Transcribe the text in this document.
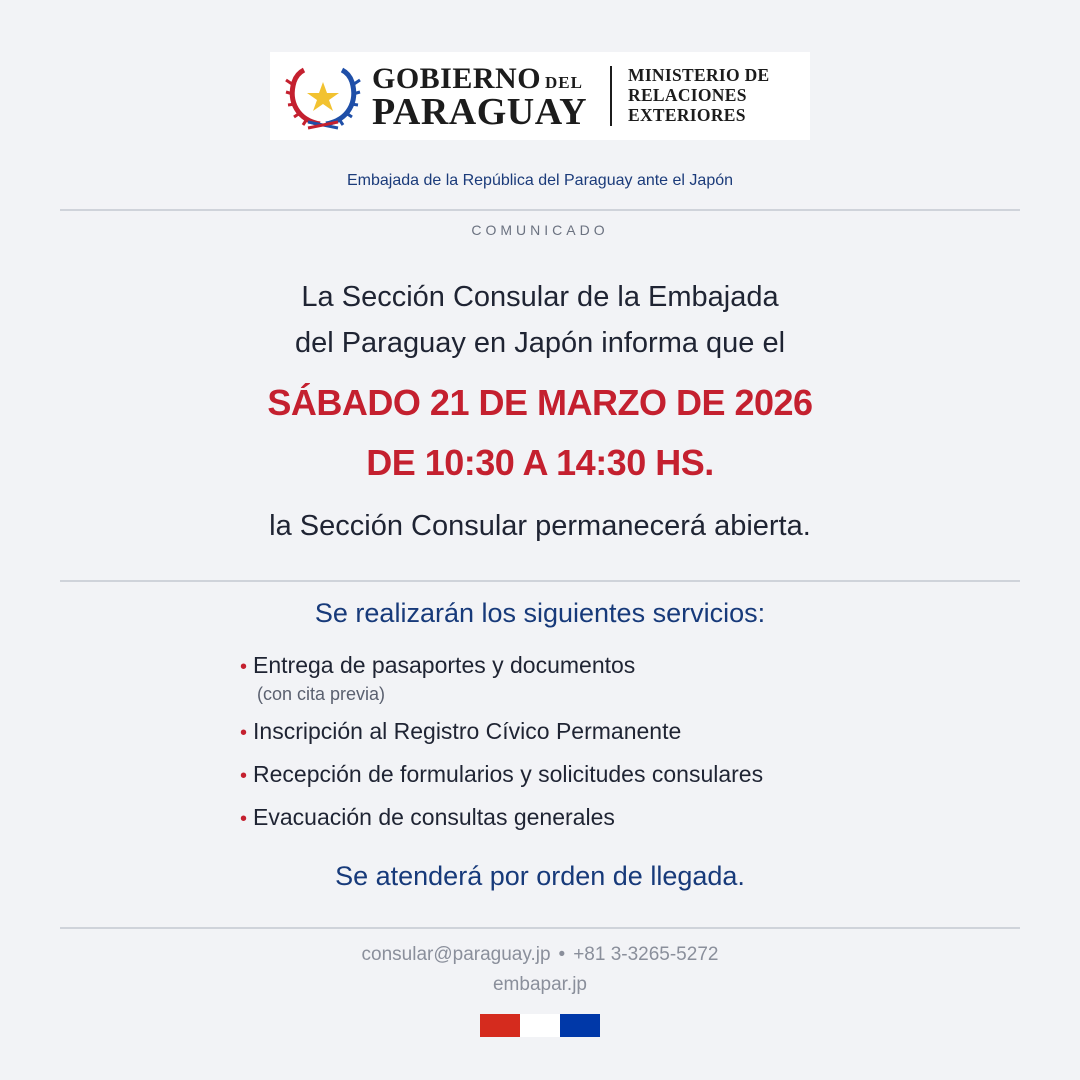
GOBIERNO DEL
PARAGUAY
MINISTERIO DE
RELACIONES
EXTERIORES
Embajada de la República del Paraguay ante el Japón
COMUNICADO
La Sección Consular de la Embajada
del Paraguay en Japón informa que el
SÁBADO 21 DE MARZO DE 2026
DE 10:30 A 14:30 HS.
la Sección Consular permanecerá abierta.
Se realizarán los siguientes servicios:
• Entrega de pasaportes y documentos
(con cita previa)
• Inscripción al Registro Cívico Permanente
• Recepción de formularios y solicitudes consulares
• Evacuación de consultas generales
Se atenderá por orden de llegada.
consular@paraguay.jp • +81 3-3265-5272
embapar.jp
